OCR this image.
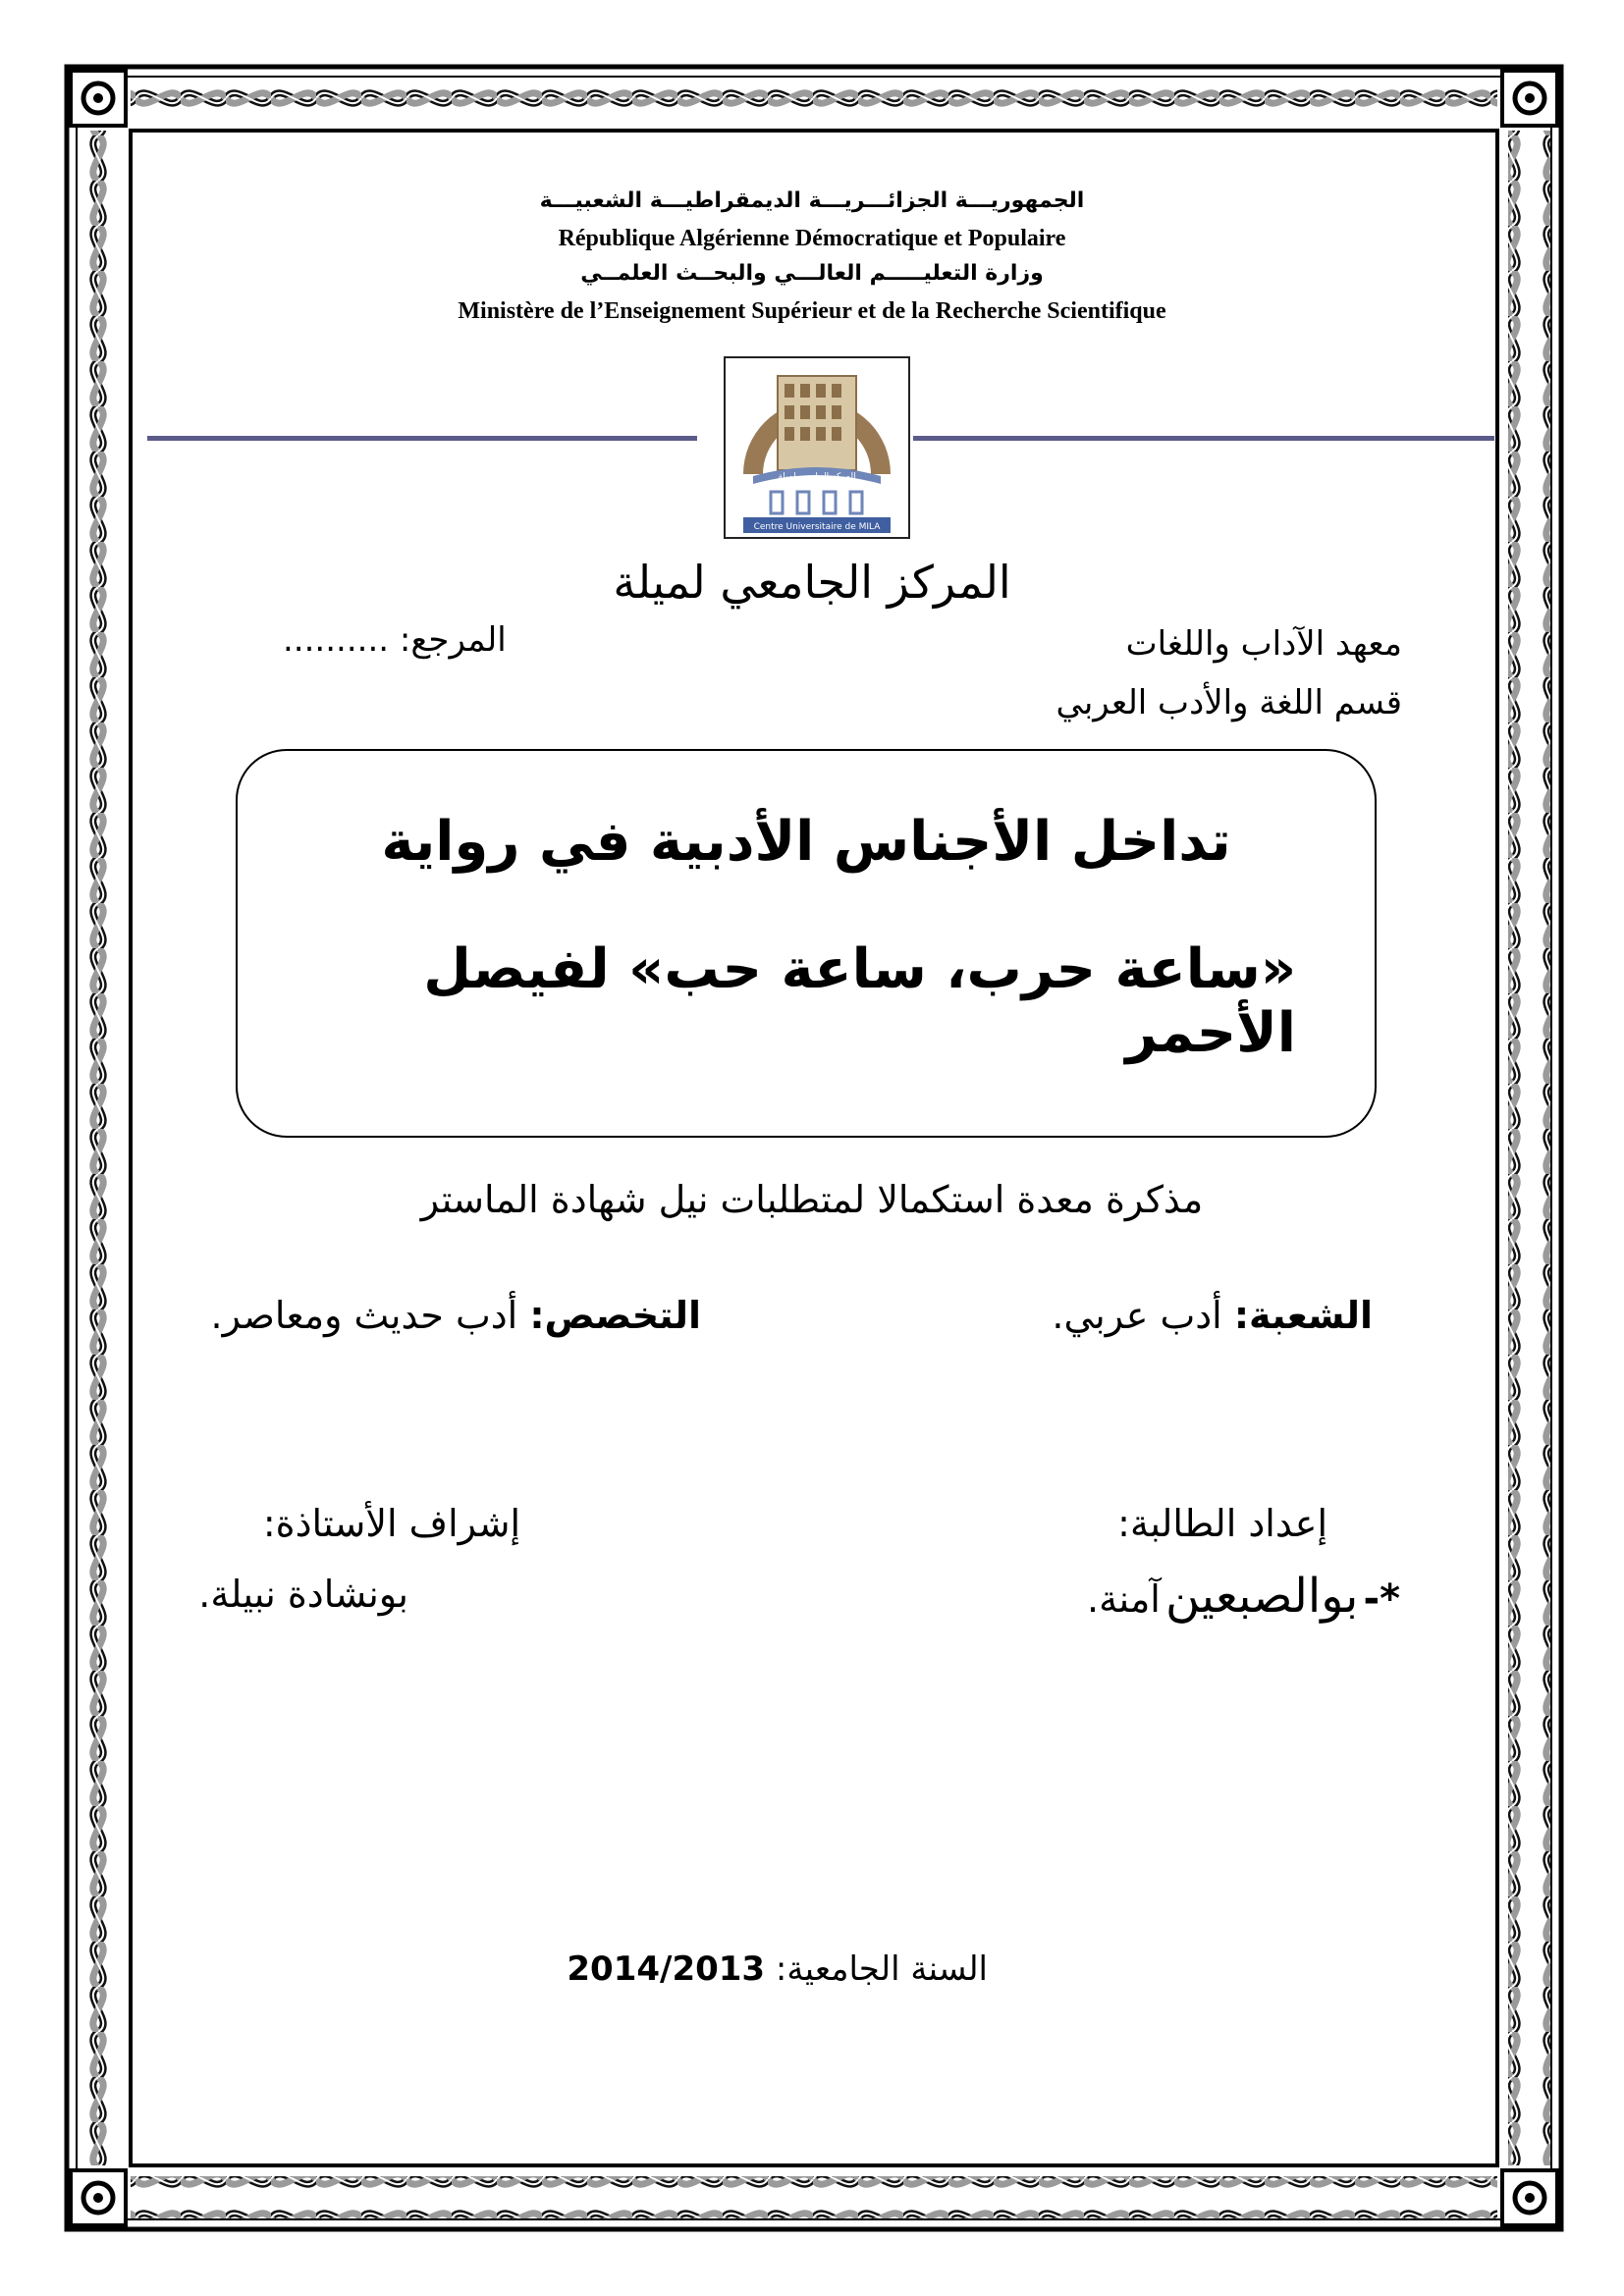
الجمهوريـــة الجزائـــريـــة الديمقراطيـــة الشعبيـــة
République Algérienne Démocratique et Populaire
وزارة التعليـــــم العالـــي والبحــث العلمــي
Ministère de l’Enseignement Supérieur et de la Recherche Scientifique
المركز الجامعي لميلة
Centre Universitaire de MILA
المركز الجامعي لميلة
معهد الآداب واللغات
المرجع: ..........
قسم اللغة والأدب العربي
تداخل الأجناس الأدبية في رواية
«ساعة حرب، ساعة حب» لفيصل الأحمر
مذكرة معدة استكمالا لمتطلبات نيل شهادة الماستر
الشعبة: أدب عربي.
التخصص: أدب حديث ومعاصر.
إعداد الطالبة:
إشراف الأستاذة:
*- بوالصبعين آمنة.
بونشادة نبيلة.
السنة الجامعية: 2014/2013
